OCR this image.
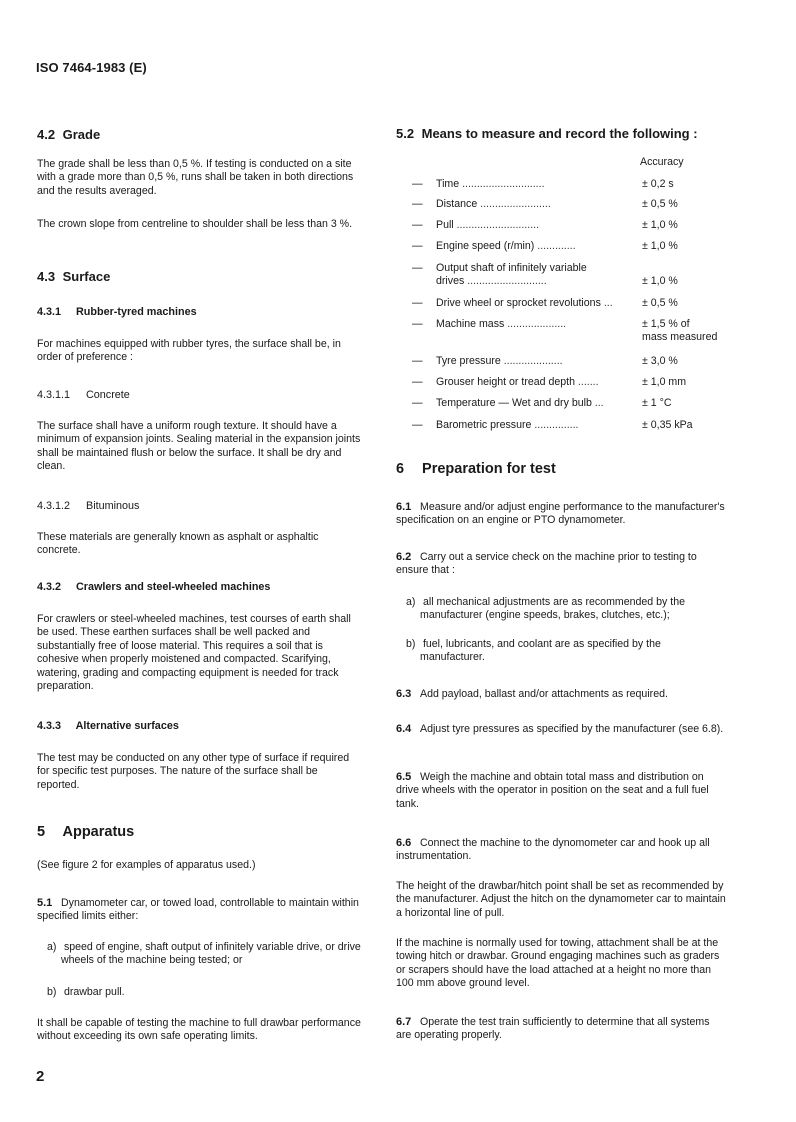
ISO 7464-1983 (E)
4.2 Grade

The grade shall be less than 0,5 %. If testing is conducted on a site with a grade more than 0,5 %, runs shall be taken in both directions and the results averaged.

The crown slope from centreline to shoulder shall be less than 3 %.

4.3 Surface
4.3.1 Rubber-tyred machines

For machines equipped with rubber tyres, the surface shall be, in order of preference :

4.3.1.1 Concrete

The surface shall have a uniform rough texture. It should have a minimum of expansion joints. Sealing material in the expansion joints shall be maintained flush or below the surface. It shall be dry and clean.

4.3.1.2 Bituminous

These materials are generally known as asphalt or asphaltic concrete.

4.3.2 Crawlers and steel-wheeled machines

For crawlers or steel-wheeled machines, test courses of earth shall be used. These earthen surfaces shall be well packed and substantially free of loose material. This requires a soil that is cohesive when properly moistened and compacted. Scarifying, watering, grading and compacting equipment is needed for track preparation.

4.3.3 Alternative surfaces

The test may be conducted on any other type of surface if required for specific test purposes. The nature of the surface shall be reported.

5 Apparatus

(See figure 2 for examples of apparatus used.)

5.1 Dynamometer car, or towed load, controllable to maintain within specified limits either:

a) speed of engine, shaft output of infinitely variable drive, or drive wheels of the machine being tested; or

b) drawbar pull.

It shall be capable of testing the machine to full drawbar performance without exceeding its own safe operating limits.

5.2 Means to measure and record the following :
Accuracy
— Time ............................	± 0,2 s
— Distance ........................	± 0,5 %
— Pull ............................	± 1,0 %
— Engine speed (r/min) .............	± 1,0 %
— Output shaft of infinitely variable
drives ...........................	± 1,0 %
— Drive wheel or sprocket revolutions ...	± 0,5 %
— Machine mass ....................	± 1,5 % of
mass measured
— Tyre pressure ....................	± 3,0 %
— Grouser height or tread depth .......	± 1,0 mm
— Temperature — Wet and dry bulb ...	± 1 °C
— Barometric pressure ...............	± 0,35 kPa
6 Preparation for test

6.1 Measure and/or adjust engine performance to the manufacturer's specification on an engine or PTO dynamometer.

6.2 Carry out a service check on the machine prior to testing to ensure that :

a) all mechanical adjustments are as recommended by the manufacturer (engine speeds, brakes, clutches, etc.);

b) fuel, lubricants, and coolant are as specified by the manufacturer.

6.3 Add payload, ballast and/or attachments as required.

6.4 Adjust tyre pressures as specified by the manufacturer (see 6.8).

6.5 Weigh the machine and obtain total mass and distribution on drive wheels with the operator in position on the seat and a full fuel tank.

6.6 Connect the machine to the dynomometer car and hook up all instrumentation.

The height of the drawbar/hitch point shall be set as recommended by the manufacturer. Adjust the hitch on the dynamometer car to maintain a horizontal line of pull.

If the machine is normally used for towing, attachment shall be at the towing hitch or drawbar. Ground engaging machines such as graders or scrapers should have the load attached at a height no more than 100 mm above ground level.

6.7 Operate the test train sufficiently to determine that all systems are operating properly.

2
